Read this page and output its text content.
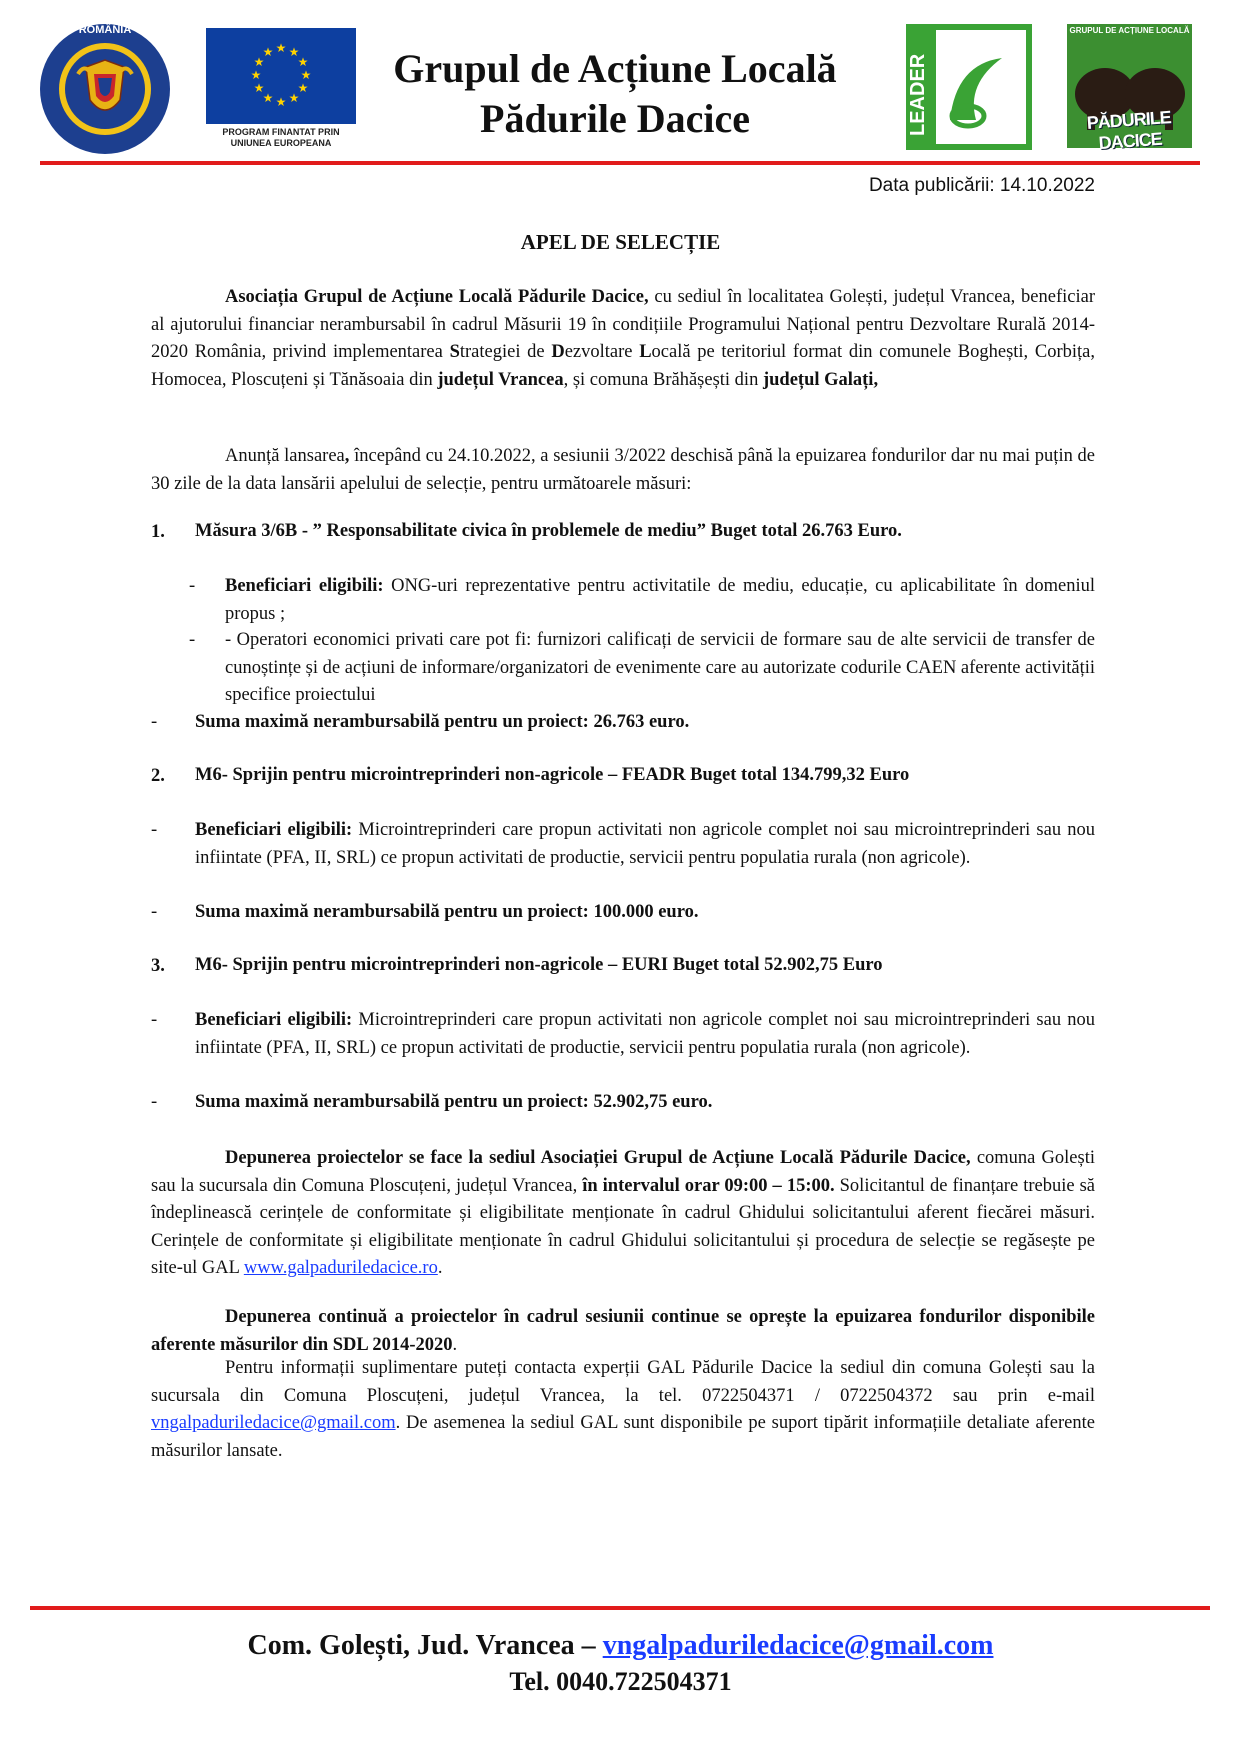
ROMÂNIA
★ ★
★
★
★
★
★
★
★
★
★
★
PROGRAM FINANTAT PRIN
UNIUNEA EUROPEANA
Grupul de Acțiune Locală
Pădurile Dacice	LEADER
GRUPUL DE ACȚIUNE LOCALĂ
PĂDURILE DACICE
Data publicării: 14.10.2022
APEL DE SELECȚIE
Asociația Grupul de Acțiune Locală Pădurile Dacice, cu sediul în localitatea Golești, județul Vrancea, beneficiar al ajutorului financiar nerambursabil în cadrul Măsurii 19 în condițiile Programului Național pentru Dezvoltare Rurală 2014-2020 România, privind implementarea Strategiei de Dezvoltare Locală pe teritoriul format din comunele Boghești, Corbița, Homocea, Ploscuțeni și Tănăsoaia din județul Vrancea, și comuna Brăhășești din județul Galați,
Anunță lansarea, începând cu 24.10.2022, a sesiunii 3/2022 deschisă până la epuizarea fondurilor dar nu mai puțin de 30 zile de la data lansării apelului de selecție, pentru următoarele măsuri:
1. Măsura 3/6B - ” Responsabilitate civica în problemele de mediu” Buget total 26.763 Euro.
- Beneficiari eligibili: ONG-uri reprezentative pentru activitatile de mediu, educație, cu aplicabilitate în domeniul propus ;
- - Operatori economici privati care pot fi: furnizori calificați de servicii de formare sau de alte servicii de transfer de cunoștințe și de acțiuni de informare/organizatori de evenimente care au autorizate codurile CAEN aferente activității specifice proiectului
- Suma maximă nerambursabilă pentru un proiect: 26.763 euro.
2. M6- Sprijin pentru microintreprinderi non-agricole – FEADR Buget total 134.799,32 Euro
- Beneficiari eligibili: Microintreprinderi care propun activitati non agricole complet noi sau microintreprinderi sau nou infiintate (PFA, II, SRL) ce propun activitati de productie, servicii pentru populatia rurala (non agricole).
- Suma maximă nerambursabilă pentru un proiect: 100.000 euro.
3. M6- Sprijin pentru microintreprinderi non-agricole – EURI Buget total 52.902,75 Euro
- Beneficiari eligibili: Microintreprinderi care propun activitati non agricole complet noi sau microintreprinderi sau nou infiintate (PFA, II, SRL) ce propun activitati de productie, servicii pentru populatia rurala (non agricole).
- Suma maximă nerambursabilă pentru un proiect: 52.902,75 euro.
Depunerea proiectelor se face la sediul Asociației Grupul de Acțiune Locală Pădurile Dacice, comuna Golești sau la sucursala din Comuna Ploscuțeni, județul Vrancea, în intervalul orar 09:00 – 15:00. Solicitantul de finanțare trebuie să îndeplinească cerințele de conformitate și eligibilitate menționate în cadrul Ghidului solicitantului aferent fiecărei măsuri. Cerințele de conformitate și eligibilitate menționate în cadrul Ghidului solicitantului și procedura de selecție se regăsește pe site-ul GAL www.galpaduriledacice.ro.
Depunerea continuă a proiectelor în cadrul sesiunii continue se oprește la epuizarea fondurilor disponibile aferente măsurilor din SDL 2014-2020.
Pentru informații suplimentare puteți contacta experții GAL Pădurile Dacice la sediul din comuna Golești sau la sucursala din Comuna Ploscuțeni, județul Vrancea, la tel. 0722504371 / 0722504372 sau prin e-mail vngalpaduriledacice@gmail.com. De asemenea la sediul GAL sunt disponibile pe suport tipărit informațiile detaliate aferente măsurilor lansate.
Com. Golești, Jud. Vrancea – vngalpaduriledacice@gmail.com
Tel. 0040.722504371
